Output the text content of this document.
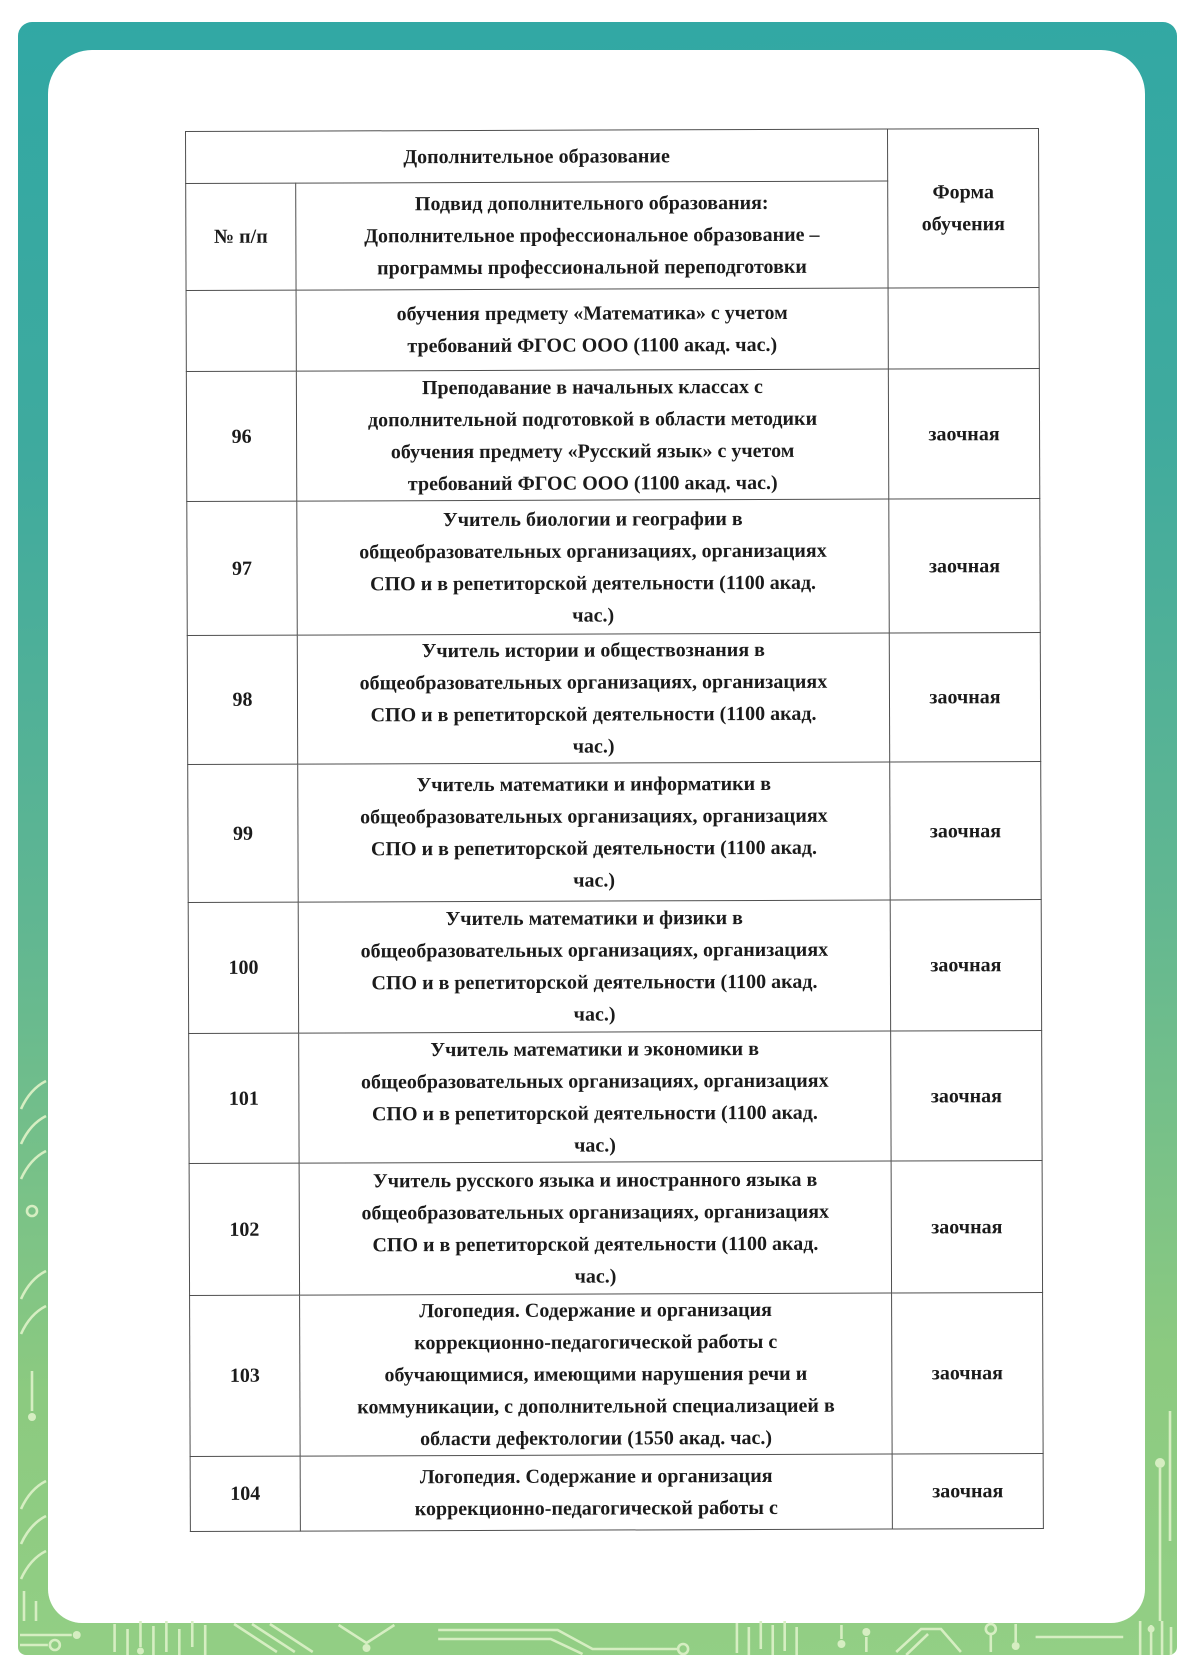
Дополнительное образование		Форма обучения
№ п/п	Подвид дополнительного образования:
Дополнительное профессиональное образование –
программы профессиональной переподготовки	
	обучения предмету «Математика» с учетом
требований ФГОС ООО (1100 акад. час.)	
96	Преподавание в начальных классах с
дополнительной подготовкой в области методики
обучения предмету «Русский язык» с учетом
требований ФГОС ООО (1100 акад. час.)	заочная
97	Учитель биологии и географии в
общеобразовательных организациях, организациях
СПО и в репетиторской деятельности (1100 акад.
час.)	заочная
98	Учитель истории и обществознания в
общеобразовательных организациях, организациях
СПО и в репетиторской деятельности (1100 акад.
час.)	заочная
99	Учитель математики и информатики в
общеобразовательных организациях, организациях
СПО и в репетиторской деятельности (1100 акад.
час.)	заочная
100	Учитель математики и физики в
общеобразовательных организациях, организациях
СПО и в репетиторской деятельности (1100 акад.
час.)	заочная
101	Учитель математики и экономики в
общеобразовательных организациях, организациях
СПО и в репетиторской деятельности (1100 акад.
час.)	заочная
102	Учитель русского языка и иностранного языка в
общеобразовательных организациях, организациях
СПО и в репетиторской деятельности (1100 акад.
час.)	заочная
103	Логопедия. Содержание и организация
коррекционно-педагогической работы с
обучающимися, имеющими нарушения речи и
коммуникации, с дополнительной специализацией в
области дефектологии (1550 акад. час.)	заочная
104	Логопедия. Содержание и организация
коррекционно-педагогической работы с	заочная
